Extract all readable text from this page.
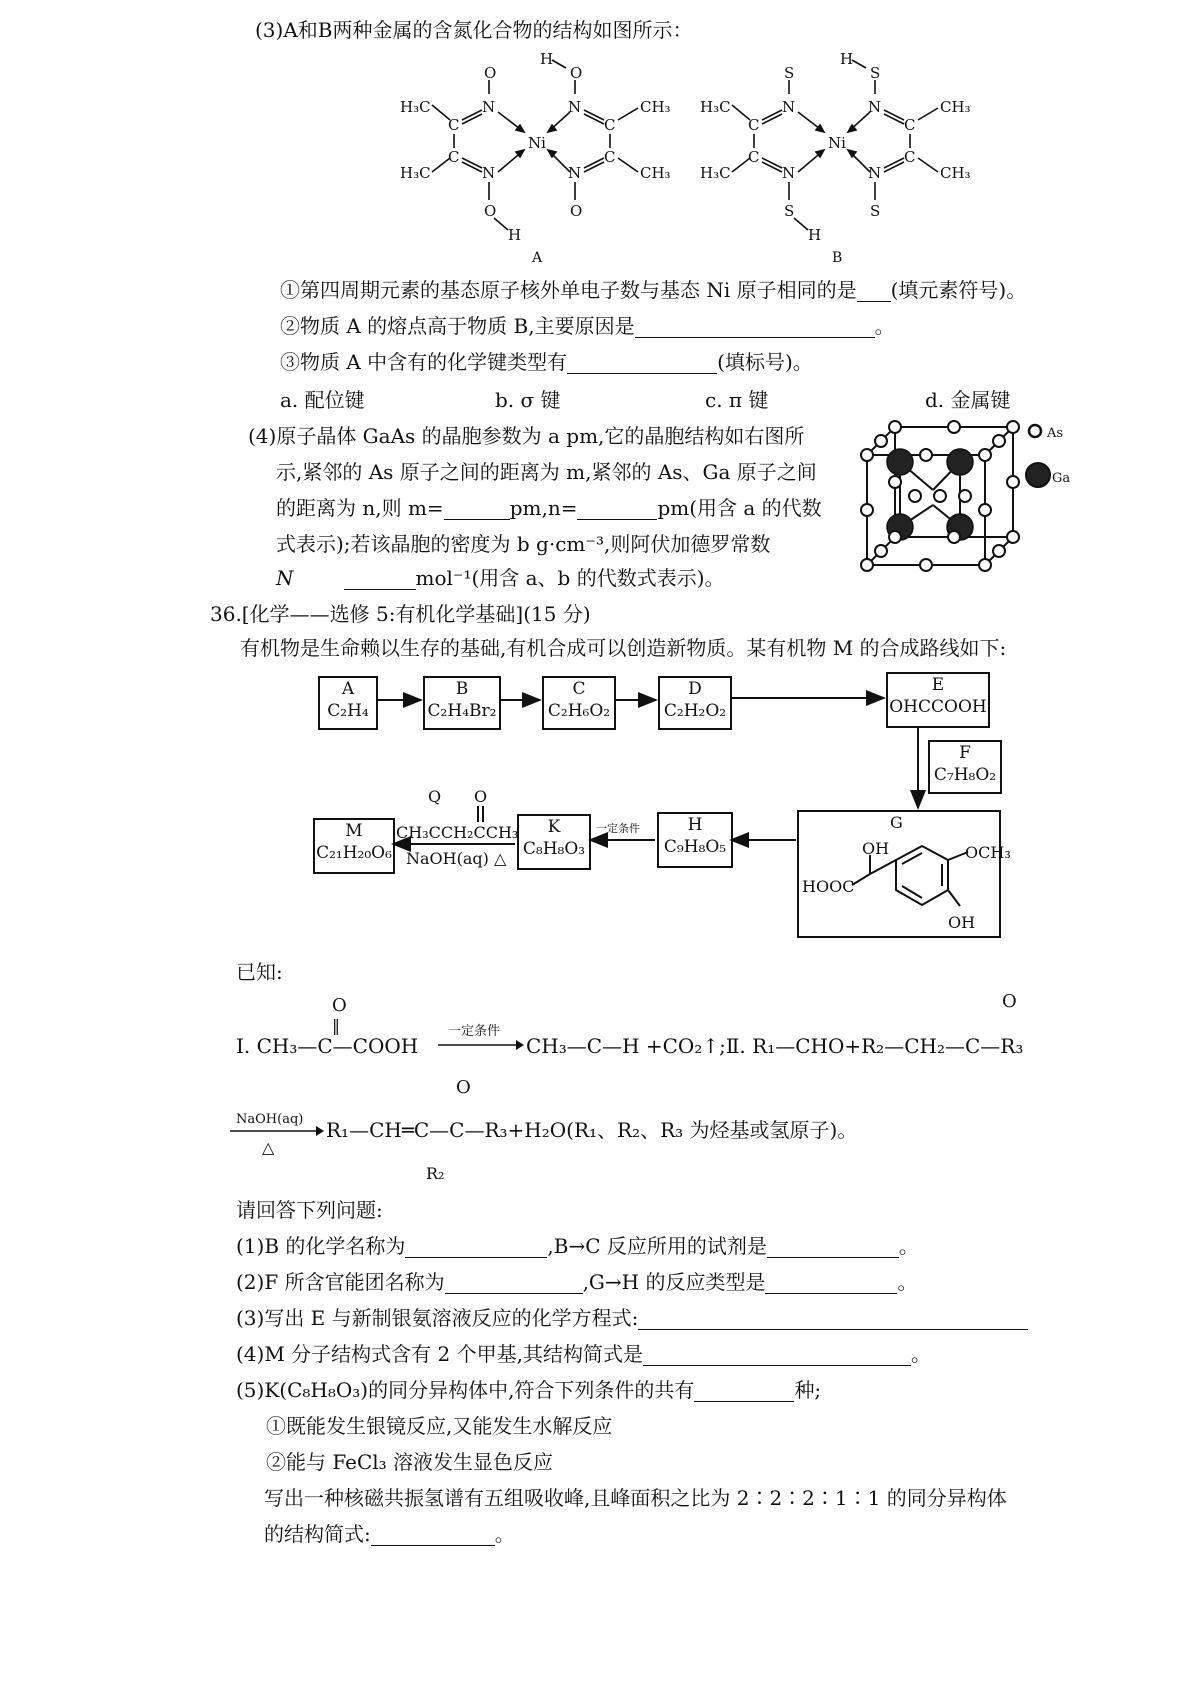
(3)A和B两种金属的含氮化合物的结构如图所示：
H₃C
H₃C
C
C
N
N
O
O
H
Ni
N
N
O
H
O
C
C
CH₃
CH₃
H₃C
H₃C
C
C
N
N
S
S
H
Ni
N
N
S
H
S
C
C
CH₃
CH₃
A	B
①第四周期元素的基态原子核外单电子数与基态 Ni 原子相同的是 (填元素符号)。
②物质 A 的熔点高于物质 B,主要原因是	。
③物质 A 中含有的化学键类型有	(填标号)。
a. 配位键	b. σ 键	c. π 键	d. 金属键
(4)原子晶体 GaAs 的晶胞参数为 a pm,它的晶胞结构如右图所
示,紧邻的 As 原子之间的距离为 m,紧邻的 As、Ga 原子之间
的距离为 n,则 m=	pm,n=	pm(用含 a 的代数
式表示);若该晶胞的密度为 b g·cm⁻³,则阿伏加德罗常数
N	mol⁻¹(用含 a、b 的代数式表示)。
As
Ga
36.[化学——选修 5:有机化学基础](15 分)
有机物是生命赖以生存的基础,有机合成可以创造新物质。某有机物 M 的合成路线如下:
A
C₂H₄
B
C₂H₄Br₂
C
C₂H₆O₂
D
C₂H₂O₂
E
OHCCOOH
F
C₇H₈O₂
H
C₉H₈O₅
K
C₈H₈O₃
M
C₂₁H₂₀O₆
G
OH
HOOC
OCH₃
OH
一定条件
Q O
CH₃CCH₂CCH₃
NaOH(aq) △
已知:
O
‖
Ⅰ. CH₃—C—COOH
一定条件
CH₃—C—H +CO₂↑;Ⅱ. R₁—CHO+R₂—CH₂—C—R₃
O
O
NaOH(aq)
△
R₁—CH═C—C—R₃+H₂O(R₁、R₂、R₃ 为烃基或氢原子)。
R₂
请回答下列问题:
(1)B 的化学名称为	,B→C 反应所用的试剂是	。
(2)F 所含官能团名称为	,G→H 的反应类型是	。
(3)写出 E 与新制银氨溶液反应的化学方程式:
(4)M 分子结构式含有 2 个甲基,其结构简式是	。
(5)K(C₈H₈O₃)的同分异构体中,符合下列条件的共有	种;
①既能发生银镜反应,又能发生水解反应
②能与 FeCl₃ 溶液发生显色反应
写出一种核磁共振氢谱有五组吸收峰,且峰面积之比为 2∶2∶2∶1∶1 的同分异构体
的结构简式:	。
